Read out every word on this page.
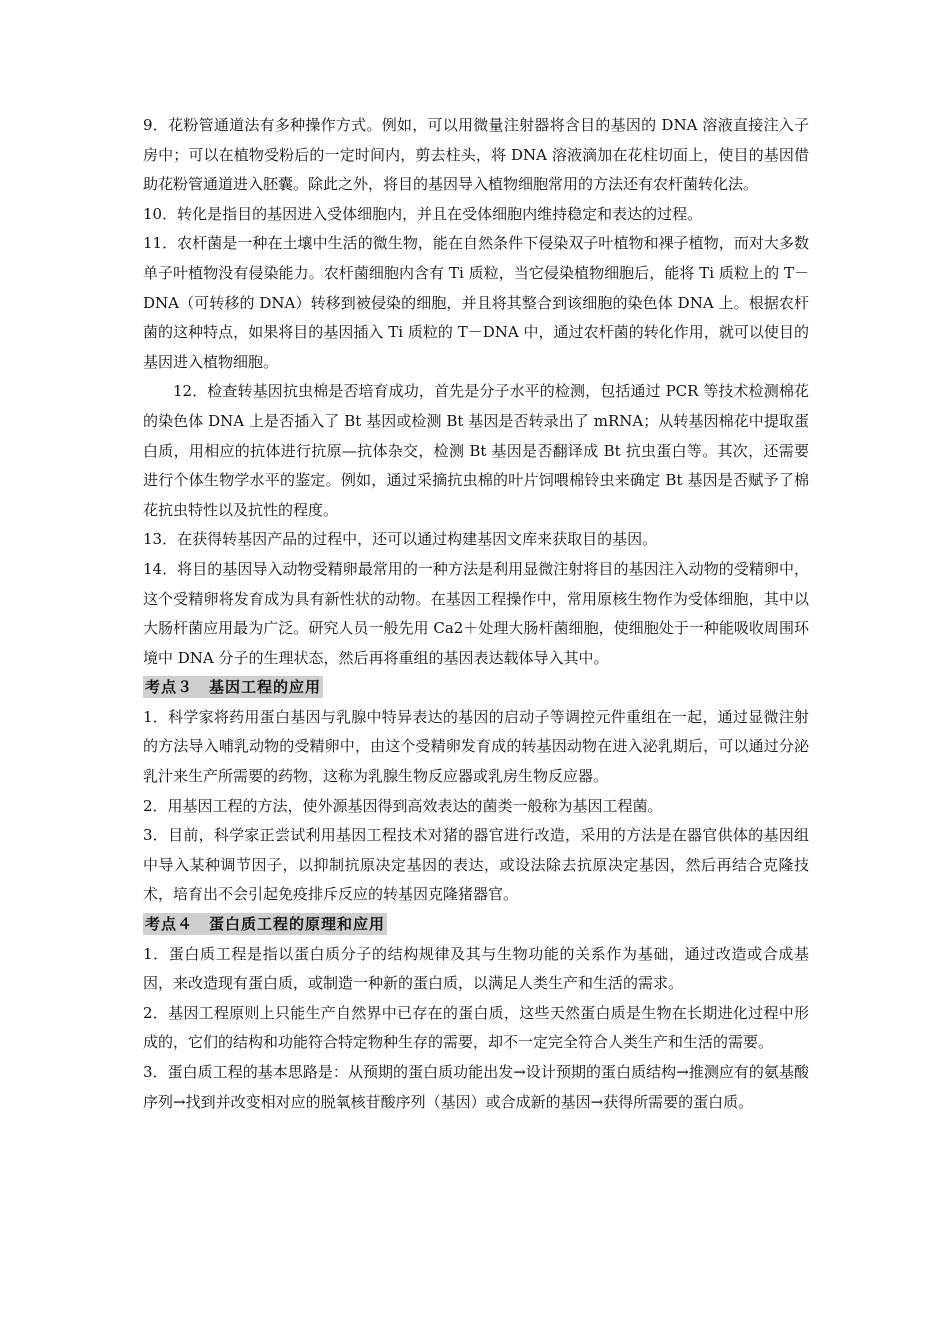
9．花粉管通道法有多种操作方式。例如，可以用微量注射器将含目的基因的 DNA 溶液直接注入子房中；可以在植物受粉后的一定时间内，剪去柱头，将 DNA 溶液滴加在花柱切面上，使目的基因借助花粉管通道进入胚囊。除此之外，将目的基因导入植物细胞常用的方法还有农杆菌转化法。

10．转化是指目的基因进入受体细胞内，并且在受体细胞内维持稳定和表达的过程。

11．农杆菌是一种在土壤中生活的微生物，能在自然条件下侵染双子叶植物和裸子植物，而对大多数单子叶植物没有侵染能力。农杆菌细胞内含有 Ti 质粒，当它侵染植物细胞后，能将 Ti 质粒上的 T－DNA（可转移的 DNA）转移到被侵染的细胞，并且将其整合到该细胞的染色体 DNA 上。根据农杆菌的这种特点，如果将目的基因插入 Ti 质粒的 T－DNA 中，通过农杆菌的转化作用，就可以使目的基因进入植物细胞。

12．检查转基因抗虫棉是否培育成功，首先是分子水平的检测，包括通过 PCR 等技术检测棉花的染色体 DNA 上是否插入了 Bt 基因或检测 Bt 基因是否转录出了 mRNA；从转基因棉花中提取蛋白质，用相应的抗体进行抗原—抗体杂交，检测 Bt 基因是否翻译成 Bt 抗虫蛋白等。其次，还需要进行个体生物学水平的鉴定。例如，通过采摘抗虫棉的叶片饲喂棉铃虫来确定 Bt 基因是否赋予了棉花抗虫特性以及抗性的程度。

13．在获得转基因产品的过程中，还可以通过构建基因文库来获取目的基因。

14．将目的基因导入动物受精卵最常用的一种方法是利用显微注射将目的基因注入动物的受精卵中，这个受精卵将发育成为具有新性状的动物。在基因工程操作中，常用原核生物作为受体细胞，其中以大肠杆菌应用最为广泛。研究人员一般先用 Ca2＋处理大肠杆菌细胞，使细胞处于一种能吸收周围环境中 DNA 分子的生理状态，然后再将重组的基因表达载体导入其中。

考点３　基因工程的应用

1．科学家将药用蛋白基因与乳腺中特异表达的基因的启动子等调控元件重组在一起，通过显微注射的方法导入哺乳动物的受精卵中，由这个受精卵发育成的转基因动物在进入泌乳期后，可以通过分泌乳汁来生产所需要的药物，这称为乳腺生物反应器或乳房生物反应器。

2．用基因工程的方法，使外源基因得到高效表达的菌类一般称为基因工程菌。

3．目前，科学家正尝试利用基因工程技术对猪的器官进行改造，采用的方法是在器官供体的基因组中导入某种调节因子，以抑制抗原决定基因的表达，或设法除去抗原决定基因，然后再结合克隆技术，培育出不会引起免疫排斥反应的转基因克隆猪器官。

考点４　蛋白质工程的原理和应用

1．蛋白质工程是指以蛋白质分子的结构规律及其与生物功能的关系作为基础，通过改造或合成基因，来改造现有蛋白质，或制造一种新的蛋白质，以满足人类生产和生活的需求。

2．基因工程原则上只能生产自然界中已存在的蛋白质，这些天然蛋白质是生物在长期进化过程中形成的，它们的结构和功能符合特定物种生存的需要，却不一定完全符合人类生产和生活的需要。

3．蛋白质工程的基本思路是：从预期的蛋白质功能出发→设计预期的蛋白质结构→推测应有的氨基酸序列→找到并改变相对应的脱氧核苷酸序列（基因）或合成新的基因→获得所需要的蛋白质。
